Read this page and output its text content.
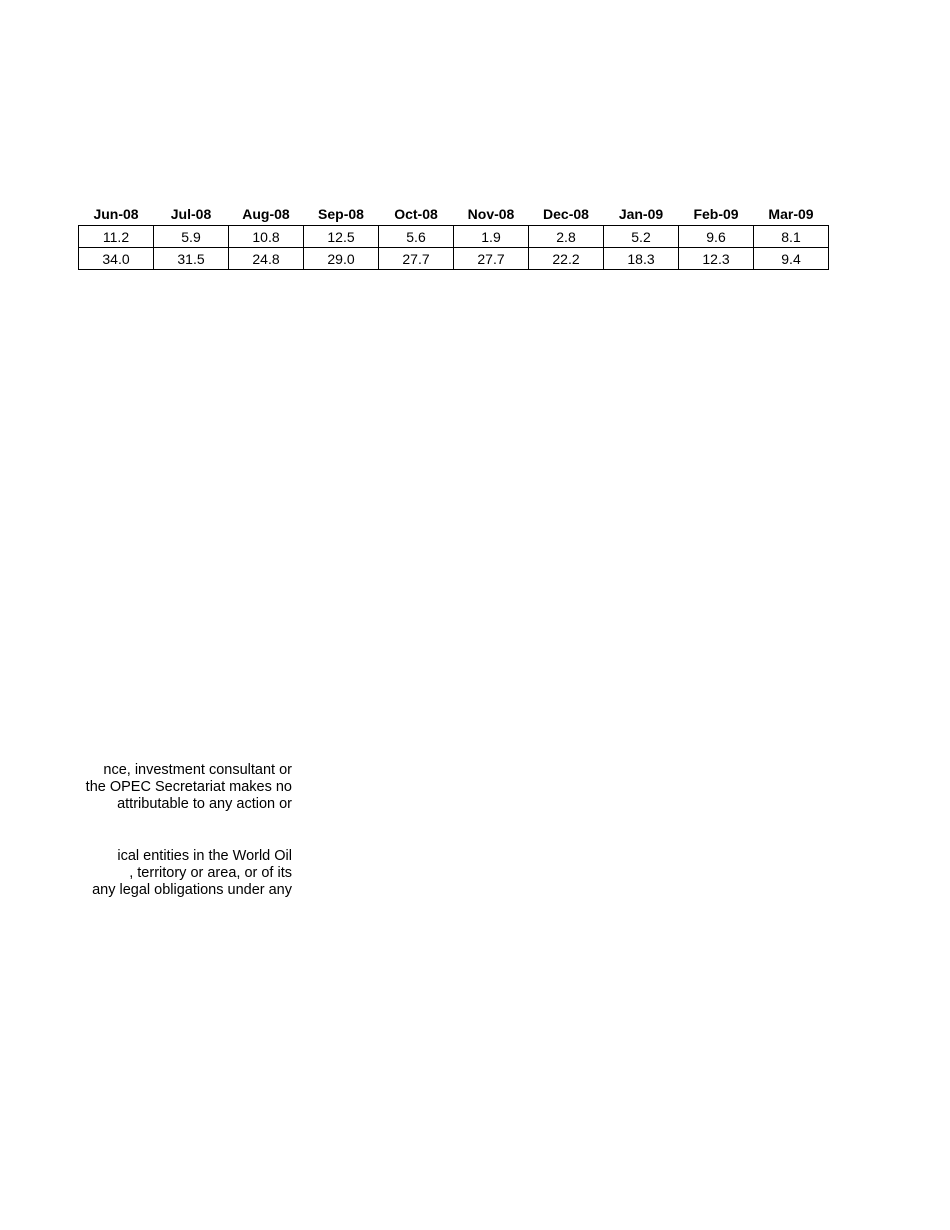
Jun-08	Jul-08	Aug-08	Sep-08	Oct-08	Nov-08	Dec-08	Jan-09	Feb-09	Mar-09
11.2	5.9	10.8	12.5	5.6	1.9	2.8	5.2	9.6	8.1
34.0	31.5	24.8	29.0	27.7	27.7	22.2	18.3	12.3	9.4
nce, investment consultant or
the OPEC Secretariat makes no
attributable to any action or
ical entities in the World Oil
, territory or area, or of its
any legal obligations under any
